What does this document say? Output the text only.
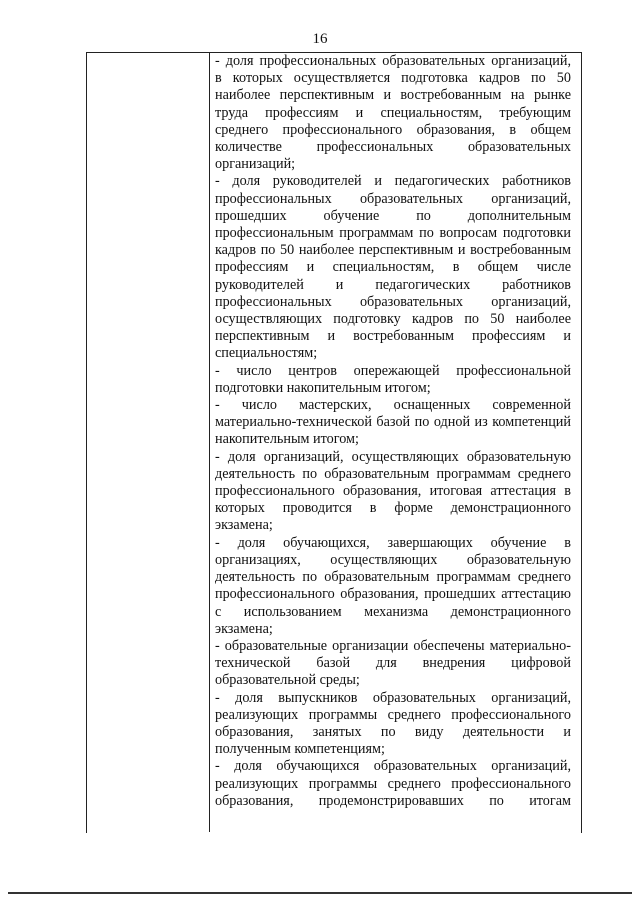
16

- доля профессиональных образовательных организаций, в которых осуществляется подготовка кадров по 50 наиболее перспективным и востребованным на рынке труда профессиям и специальностям, требующим среднего профессионального образования, в общем количестве профессиональных образовательных организаций;

- доля руководителей и педагогических работников профессиональных образовательных организаций, прошедших обучение по дополнительным профессиональным программам по вопросам подготовки кадров по 50 наиболее перспективным и востребованным профессиям и специальностям, в общем числе руководителей и педагогических работников профессиональных образовательных организаций, осуществляющих подготовку кадров по 50 наиболее перспективным и востребованным профессиям и специальностям;

- число центров опережающей профессиональной подготовки накопительным итогом;

- число мастерских, оснащенных современной материально-технической базой по одной из компетенций накопительным итогом;

- доля организаций, осуществляющих образовательную деятельность по образовательным программам среднего профессионального образования, итоговая аттестация в которых проводится в форме демонстрационного экзамена;

- доля обучающихся, завершающих обучение в организациях, осуществляющих образовательную деятельность по образовательным программам среднего профессионального образования, прошедших аттестацию с использованием механизма демонстрационного экзамена;

- образовательные организации обеспечены материально-технической базой для внедрения цифровой образовательной среды;

- доля выпускников образовательных организаций, реализующих программы среднего профессионального образования, занятых по виду деятельности и полученным компетенциям;

- доля обучающихся образовательных организаций, реализующих программы среднего профессионального образования, продемонстрировавших по итогам
